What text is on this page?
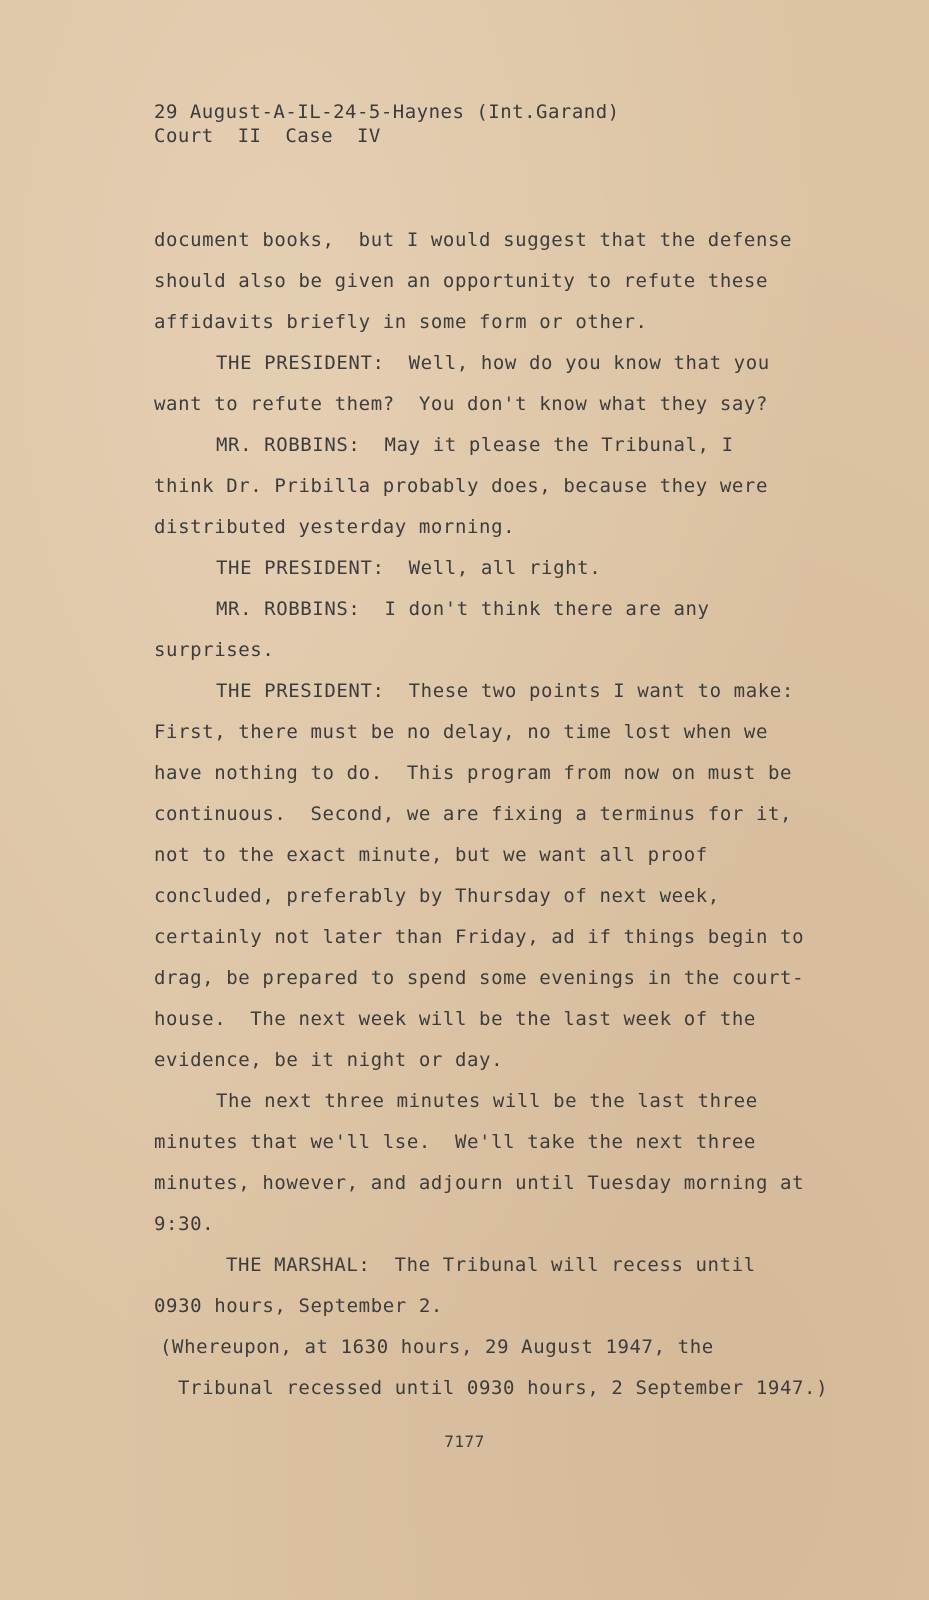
29 August-A-IL-24-5-Haynes (Int.Garand)
Court  II  Case  IV
document books,  but I would suggest that the defense
should also be given an opportunity to refute these
affidavits briefly in some form or other.
THE PRESIDENT:  Well, how do you know that you
want to refute them?  You don't know what they say?
MR. ROBBINS:  May it please the Tribunal, I
think Dr. Pribilla probably does, because they were
distributed yesterday morning.
THE PRESIDENT:  Well, all right.
MR. ROBBINS:  I don't think there are any
surprises.
THE PRESIDENT:  These two points I want to make:
First, there must be no delay, no time lost when we
have nothing to do.  This program from now on must be
continuous.  Second, we are fixing a terminus for it,
not to the exact minute, but we want all proof
concluded, preferably by Thursday of next week,
certainly not later than Friday, ad if things begin to
drag, be prepared to spend some evenings in the court-
house.  The next week will be the last week of the
evidence, be it night or day.
The next three minutes will be the last three
minutes that we'll lse.  We'll take the next three
minutes, however, and adjourn until Tuesday morning at
9:30.
THE MARSHAL:  The Tribunal will recess until
0930 hours, September 2.
(Whereupon, at 1630 hours, 29 August 1947, the
Tribunal recessed until 0930 hours, 2 September 1947.)
7177
